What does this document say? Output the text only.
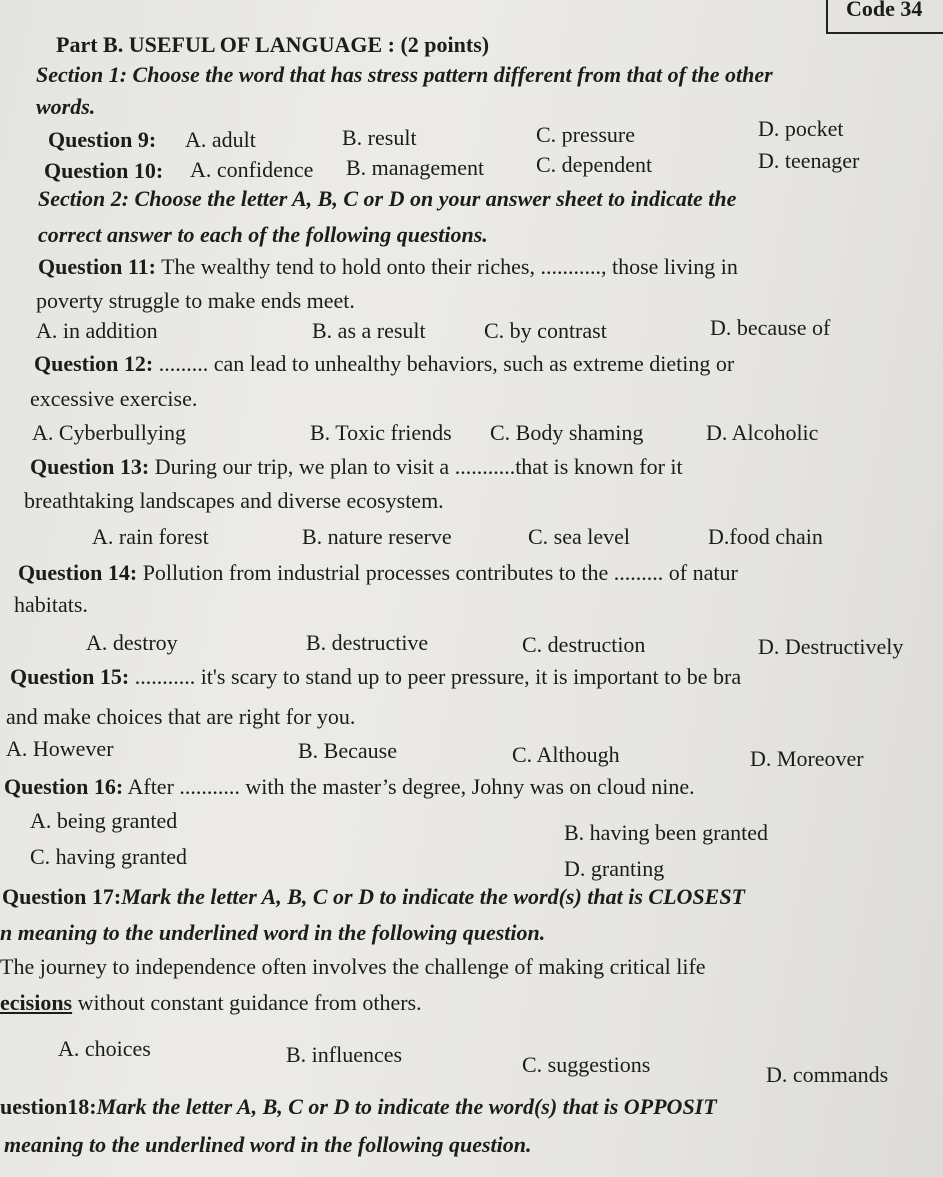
Code 34
Part B. USEFUL OF LANGUAGE : (2 points)
Section 1: Choose the word that has stress pattern different from that of the other
words.
Question 9: A. adult	B. result	C. pressure	D. pocket
Question 10: A. confidence B. management C. dependent	D. teenager
Section 2: Choose the letter A, B, C or D on your answer sheet to indicate the
correct answer to each of the following questions.
Question 11: The wealthy tend to hold onto their riches, ..........., those living in
poverty struggle to make ends meet.
A. in addition	B. as a result	C. by contrast	D. because of
Question 12: ......... can lead to unhealthy behaviors, such as extreme dieting or
excessive exercise.
A. Cyberbullying	B. Toxic friends C. Body shaming	D. Alcoholic
Question 13: During our trip, we plan to visit a ...........that is known for it
breathtaking landscapes and diverse ecosystem.
A. rain forest	B. nature reserve	C. sea level	D.food chain
Question 14: Pollution from industrial processes contributes to the ......... of natur
habitats.
A. destroy	B. destructive	C. destruction	D. Destructively
Question 15: ........... it's scary to stand up to peer pressure, it is important to be bra
and make choices that are right for you.
A. However	B. Because	C. Although	D. Moreover
Question 16: After ........... with the master’s degree, Johny was on cloud nine.
A. being granted	B. having been granted
C. having granted	D. granting
Question 17:Mark the letter A, B, C or D to indicate the word(s) that is CLOSEST
n meaning to the underlined word in the following question.
The journey to independence often involves the challenge of making critical life
ecisions without constant guidance from others.
A. choices	B. influences	C. suggestions	D. commands
uestion18:Mark the letter A, B, C or D to indicate the word(s) that is OPPOSIT
meaning to the underlined word in the following question.
